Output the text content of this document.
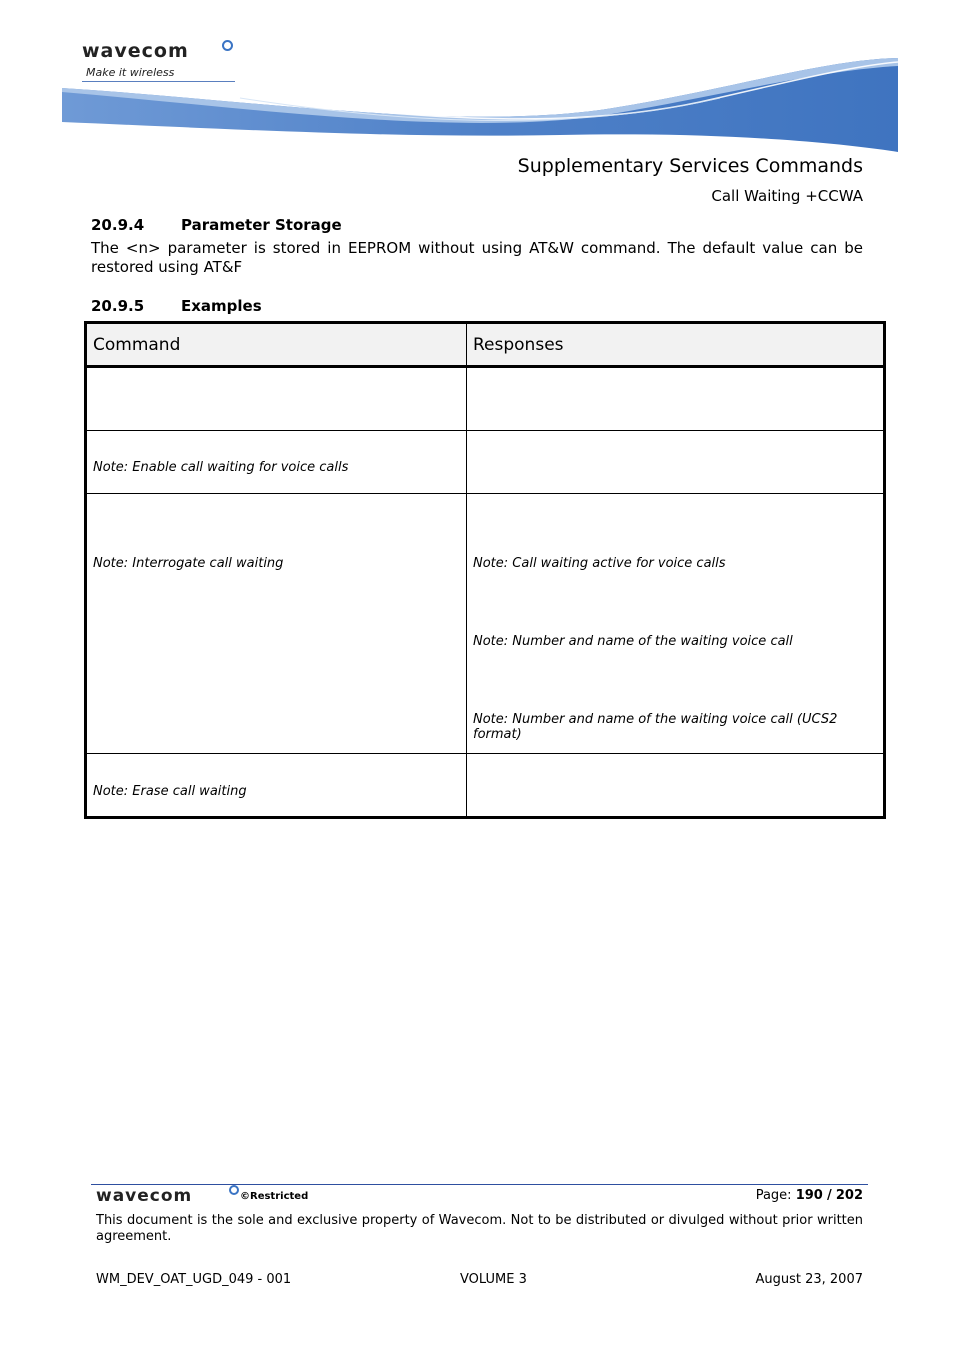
wavecom
Make it wireless
Supplementary Services Commands
Call Waiting +CCWA
20.9.4 Parameter Storage
The <n> parameter is stored in EEPROM without using AT&W command. The default value can be restored using AT&F
20.9.5 Examples
Command	Responses

Note: Enable call waiting for voice calls	

Note: Interrogate call waiting	Note: Call waiting active for voice calls
Note: Number and name of the waiting voice call
Note: Number and name of the waiting voice call (UCS2 format)

Note: Erase call waiting	

wavecom	©Restricted	Page: 190 / 202
This document is the sole and exclusive property of Wavecom. Not to be distributed or divulged without prior written agreement.
WM_DEV_OAT_UGD_049 - 001	VOLUME 3	August 23, 2007
